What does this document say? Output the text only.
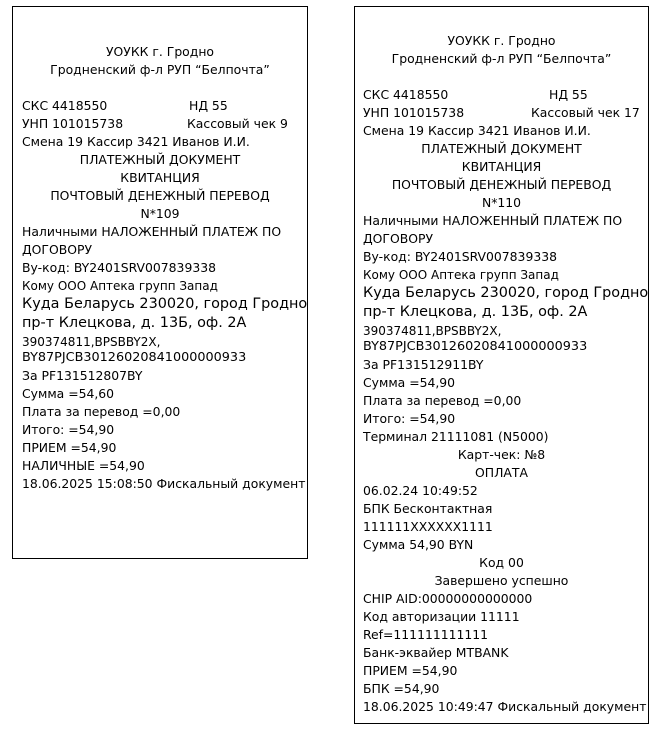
УОУКК г. Гродно
Гродненский ф-л РУП “Белпочта”
СКС 4418550	НД 55
УНП 101015738	Кассовый чек 9
Смена 19 Кассир 3421 Иванов И.И.
ПЛАТЕЖНЫЙ ДОКУМЕНТ
КВИТАНЦИЯ
ПОЧТОВЫЙ ДЕНЕЖНЫЙ ПЕРЕВОД
N*109
Наличными НАЛОЖЕННЫЙ ПЛАТЕЖ ПО
ДОГОВОРУ
By-код: BY2401SRV007839338
Кому ООО Аптека групп Запад
Куда Беларусь 230020, город Гродно
пр-т Клецкова, д. 13Б, оф. 2А
390374811,BPSBBY2X,
BY87PJCB30126020841000000933
За PF131512807BY
Сумма =54,60
Плата за перевод =0,00
Итого: =54,90
ПРИЕМ =54,90
НАЛИЧНЫЕ =54,90
18.06.2025 15:08:50 Фискальный документ
УОУКК г. Гродно
Гродненский ф-л РУП “Белпочта”
СКС 4418550	НД 55
УНП 101015738	Кассовый чек 17
Смена 19 Кассир 3421 Иванов И.И.
ПЛАТЕЖНЫЙ ДОКУМЕНТ
КВИТАНЦИЯ
ПОЧТОВЫЙ ДЕНЕЖНЫЙ ПЕРЕВОД
N*110
Наличными НАЛОЖЕННЫЙ ПЛАТЕЖ ПО
ДОГОВОРУ
By-код: BY2401SRV007839338
Кому ООО Аптека групп Запад
Куда Беларусь 230020, город Гродно
пр-т Клецкова, д. 13Б, оф. 2А
390374811,BPSBBY2X,
BY87PJCB30126020841000000933
За PF131512911BY
Сумма =54,90
Плата за перевод =0,00
Итого: =54,90
Терминал 21111081 (N5000)
Карт-чек: №8
ОПЛАТА
06.02.24 10:49:52
БПК Бесконтактная
111111XXXXXX1111
Сумма 54,90 BYN
Код 00
Завершено успешно
CHIP AID:00000000000000
Код авторизации 11111
Ref=111111111111
Банк-эквайер MTBANK
ПРИЕМ =54,90
БПК =54,90
18.06.2025 10:49:47 Фискальный документ
